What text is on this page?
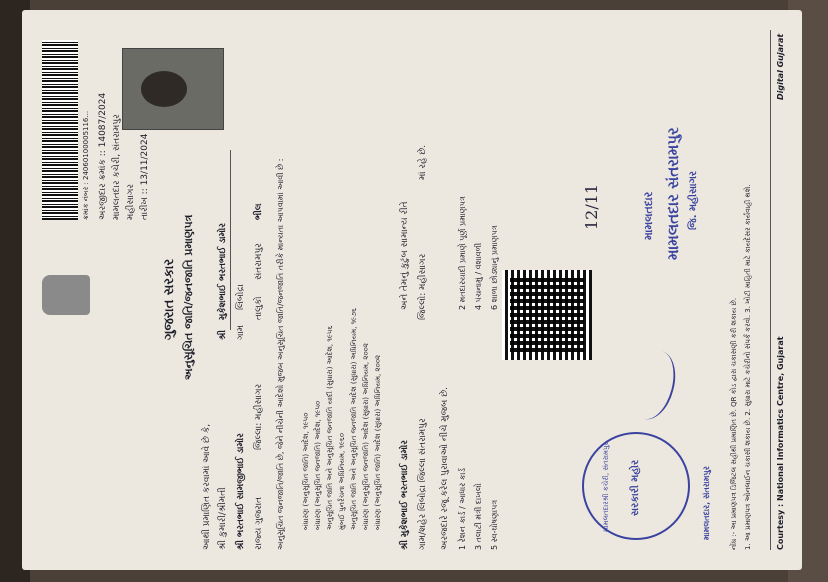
ક્રમાંક નંબર : 24060100005116... અરજીદાર ક્રમાંક :: 14087/2024 મામલતદાર કચેરી, સંતરામપુર મહીસાગર તારીખ :: 13/11/2024
ગુજરાત સરકાર અનુસૂચિત જાતિ/જનજાતિ પ્રમાણપત્ર
આથી પ્રમાણિત કરવામાં આવે છે કે, શ્રી કુમારી/શ્રીમતી
શ્રી
મુકેશભાઈ ભરતભાઈ ડામોર
શ્રી ભરતભાઈ સામજીભાઈ ડામોર
ગામ
લિંબોદ્રા
રાજ્ય ગુજરાત
જિલ્લા: મહીસાગર
તાલુકો
સંતરામપુર
ભીલ અનુસૂચિત જનજાતિ/જાતિ છે, જેને નીચેની આદેશો મુજબ અનુસૂચિત જાતિ/જનજાતિ તરીકે માન્યતા આપવામાં આવી છે : બંધારણ (અનુસૂચિત જાતિ) આદેશ, ૧૯૫૦ બંધારણ (અનુસૂચિત જનજાતિ) આદેશ, ૧૯૫૦ અનુસૂચિત જાતિ અને અનુસૂચિત જનજાતિ યાદી (સુધારા) આદેશ, ૧૯૫૬ મુંબઈ પુનર્રચના અધિનિયમ, ૧૯૬૦ અનુસૂચિત જાતિ અને અનુસૂચિત જનજાતિ આદેશ (સુધારા) અધિનિયમ, ૧૯૭૬ બંધારણ (અનુસૂચિત જનજાતિ) આદેશ (સુધારા) અધિનિયમ, ૨૦૦૨ બંધારણ (અનુસૂચિત જાતિ) આદેશ (સુધારા) અધિનિયમ, ૨૦૦૨ શ્રી મુકેશભાઈ ભરતભાઈ ડામોર
અને તેમનું કુટુંબ સામાન્ય રીતે
ગામ/શહેર લિંબોદ્રા જિલ્લા સંતરામપુર
જિલ્લો: મહીસાગર
માં રહે છે.
અરજદારે રજૂ કરેલ પુરાવાઓ નીચે મુજબ છે. 1 રેશન કાર્ડ / આધાર કાર્ડ
2 મતદારયાદી પ્રમાણે પૂર્ણ પ્રમાણપત્ર
3 તલાટી મંત્રી દાખલો
4 પંચનામું / વંશાવળી
5 સ્વ-ઘોષણાપત્ર
6 શાળા છોડ્યાનું પ્રમાણપત્ર
મામલતદારશ્રી કચેરી, સંતરામપુર સરકારી મહોર
12/11	મામલતદાર મામલતદાર સંતરામપુર જિ. મહીસાગર
મામલતદાર, સંતરામપુર	નોંધ :- આ પ્રમાણપત્ર ડિજિટલ સહીથી પ્રમાણિત છે. QR કોડ દ્વારા ચકાસણી કરી શકાય છે. 1. આ પ્રમાણપત્ર ઓનલાઈન ચકાસી શકાય છે. 2. સુધારા માટે કચેરીનો સંપર્ક કરવો. 3. ખોટી માહિતી માટે કાયદેસર કાર્યવાહી થશે.	Courtesy : National Informatics Centre, Gujarat
Digital Gujarat
